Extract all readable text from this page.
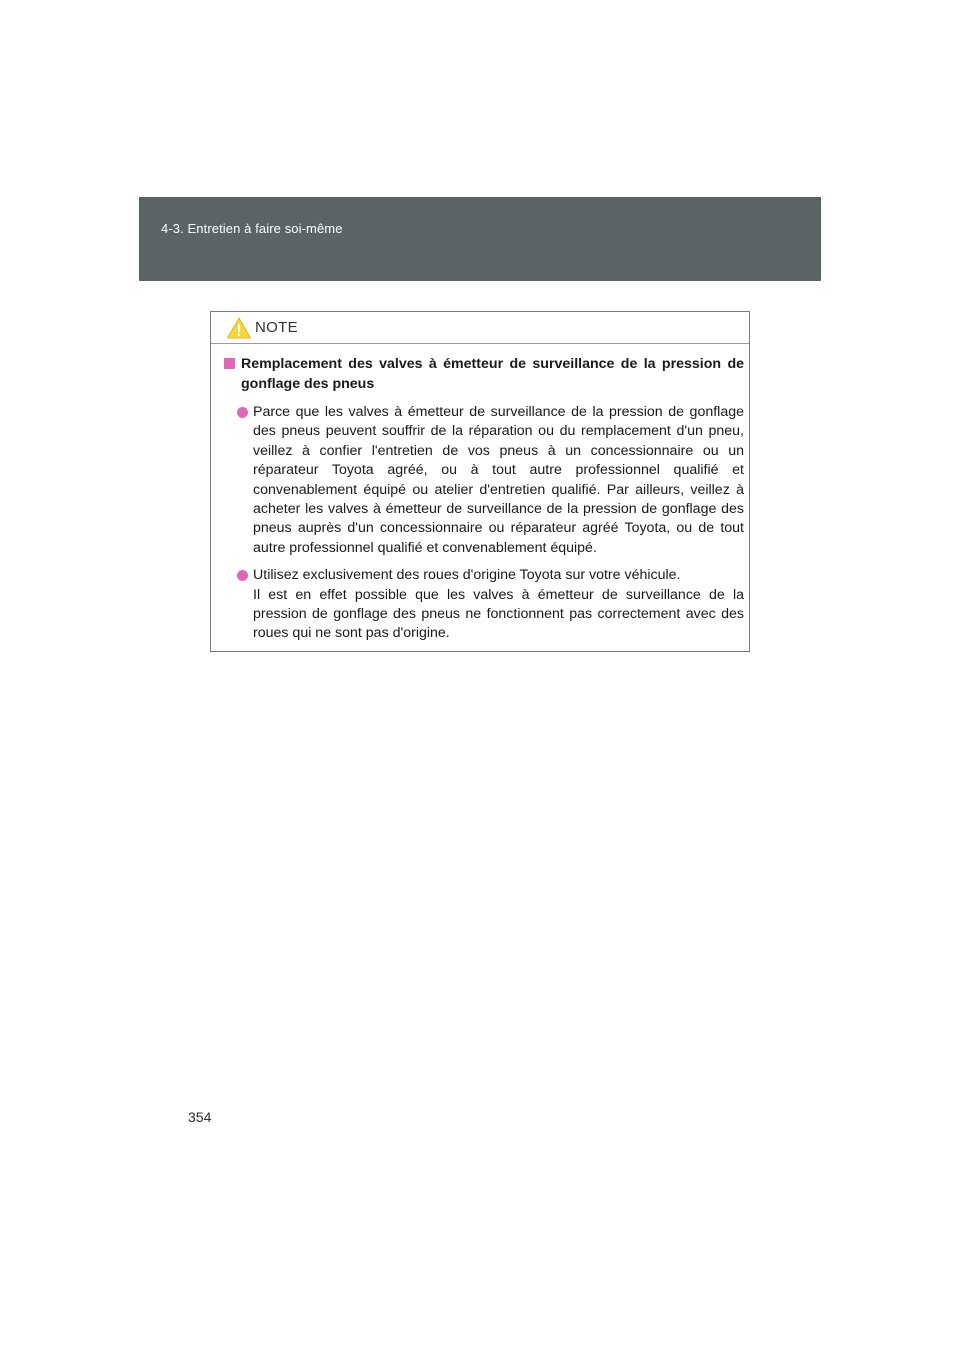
4-3. Entretien à faire soi-même
NOTE
Remplacement des valves à émetteur de surveillance de la pression de gonflage des pneus
Parce que les valves à émetteur de surveillance de la pression de gonflage des pneus peuvent souffrir de la réparation ou du remplacement d'un pneu, veillez à confier l'entretien de vos pneus à un concessionnaire ou un réparateur Toyota agréé, ou à tout autre professionnel qualifié et convenablement équipé ou atelier d'entretien qualifié. Par ailleurs, veillez à acheter les valves à émetteur de surveillance de la pression de gonflage des pneus auprès d'un concessionnaire ou réparateur agréé Toyota, ou de tout autre professionnel qualifié et convenablement équipé.
Utilisez exclusivement des roues d'origine Toyota sur votre véhicule.
Il est en effet possible que les valves à émetteur de surveillance de la pression de gonflage des pneus ne fonctionnent pas correctement avec des roues qui ne sont pas d'origine.
354
